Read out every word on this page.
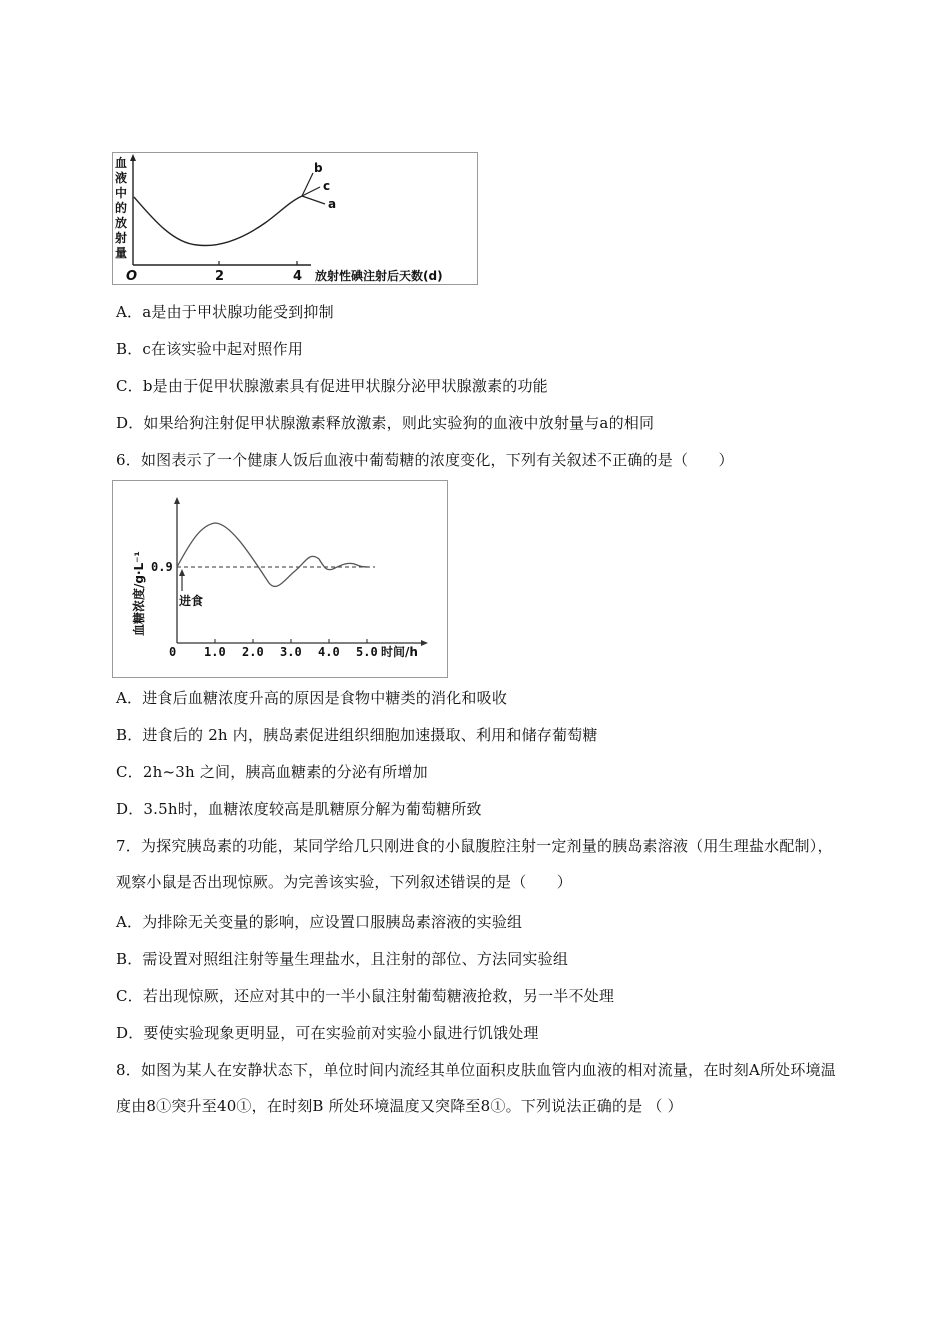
血
液
中
的
放
射
量
b
c
a
O	2	4 放射性碘注射后天数(d)
A．a是由于甲状腺功能受到抑制
B．c在该实验中起对照作用
C．b是由于促甲状腺激素具有促进甲状腺分泌甲状腺激素的功能
D．如果给狗注射促甲状腺激素释放激素，则此实验狗的血液中放射量与a的相同
6．如图表示了一个健康人饭后血液中葡萄糖的浓度变化，下列有关叙述不正确的是（　　）
血糖浓度/g·L⁻¹	进食
0.9
0 1.0 2.0 3.0 4.0 5.0 时间/h
A．进食后血糖浓度升高的原因是食物中糖类的消化和吸收
B．进食后的 2h 内，胰岛素促进组织细胞加速摄取、利用和储存葡萄糖
C．2h~3h 之间，胰高血糖素的分泌有所增加
D．3.5h时，血糖浓度较高是肌糖原分解为葡萄糖所致
7．为探究胰岛素的功能，某同学给几只刚进食的小鼠腹腔注射一定剂量的胰岛素溶液（用生理盐水配制），观察小鼠是否出现惊厥。为完善该实验，下列叙述错误的是（　　）
A．为排除无关变量的影响，应设置口服胰岛素溶液的实验组
B．需设置对照组注射等量生理盐水，且注射的部位、方法同实验组
C．若出现惊厥，还应对其中的一半小鼠注射葡萄糖液抢救，另一半不处理
D．要使实验现象更明显，可在实验前对实验小鼠进行饥饿处理
8．如图为某人在安静状态下，单位时间内流经其单位面积皮肤血管内血液的相对流量，在时刻A所处环境温度由8①突升至40①，在时刻B 所处环境温度又突降至8①。下列说法正确的是 （ ）
